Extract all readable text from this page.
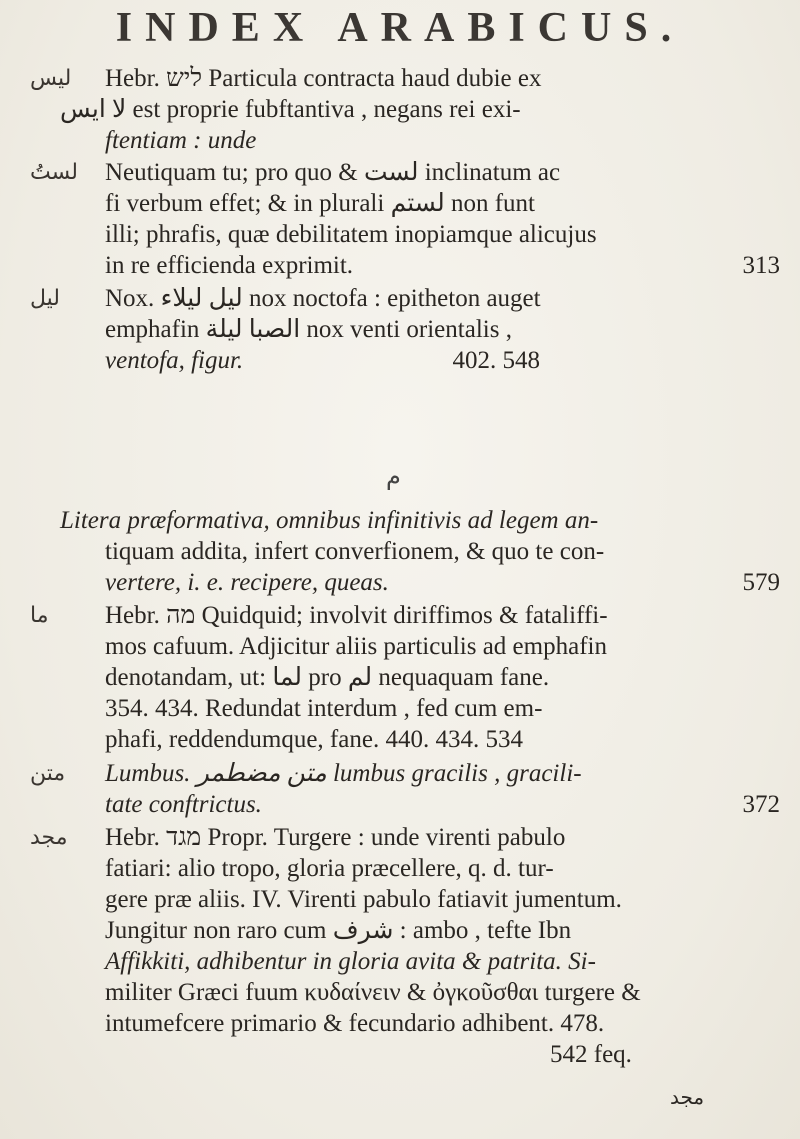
INDEX ARABICUS.
ليس	Hebr. ליש Particula contracta haud dubie ex
لا ايس est proprie fubftantiva , negans rei exi-
ftentiam : unde
لستُ	Neutiquam tu; pro quo & لست inclinatum ac
fi verbum effet; & in plurali لستم non funt
illi; phrafis, quæ debilitatem inopiamque alicujus
in re efficienda exprimit.	313
ليل	Nox. ليل ليلاء nox noctofa : epitheton auget
emphafin الصبا ليلة nox venti orientalis ,
ventofa, figur.	402. 548
م
Litera præformativa, omnibus infinitivis ad legem an-
tiquam addita, infert converfionem, & quo te con-
vertere, i. e. recipere, queas.	579
ما	Hebr. מה Quidquid; involvit diriffimos & fataliffi-
mos cafuum. Adjicitur aliis particulis ad emphafin
denotandam, ut: لما pro لم nequaquam fane.
354. 434. Redundat interdum , fed cum em-
phafi, reddendumque, fane. 440. 434. 534
متن	Lumbus. متن مضطمر lumbus gracilis , gracili-
tate conftrictus.	372
مجد	Hebr. מגד Propr. Turgere : unde virenti pabulo
fatiari: alio tropo, gloria præcellere, q. d. tur-
gere præ aliis. IV. Virenti pabulo fatiavit jumentum.
Jungitur non raro cum شرف : ambo , tefte Ibn
Affikkiti, adhibentur in gloria avita & patrita. Si-
militer Græci fuum κυδαίνειν & ὀγκοῦσθαι turgere &
intumefcere primario & fecundario adhibent. 478.
542 feq.
مجد
